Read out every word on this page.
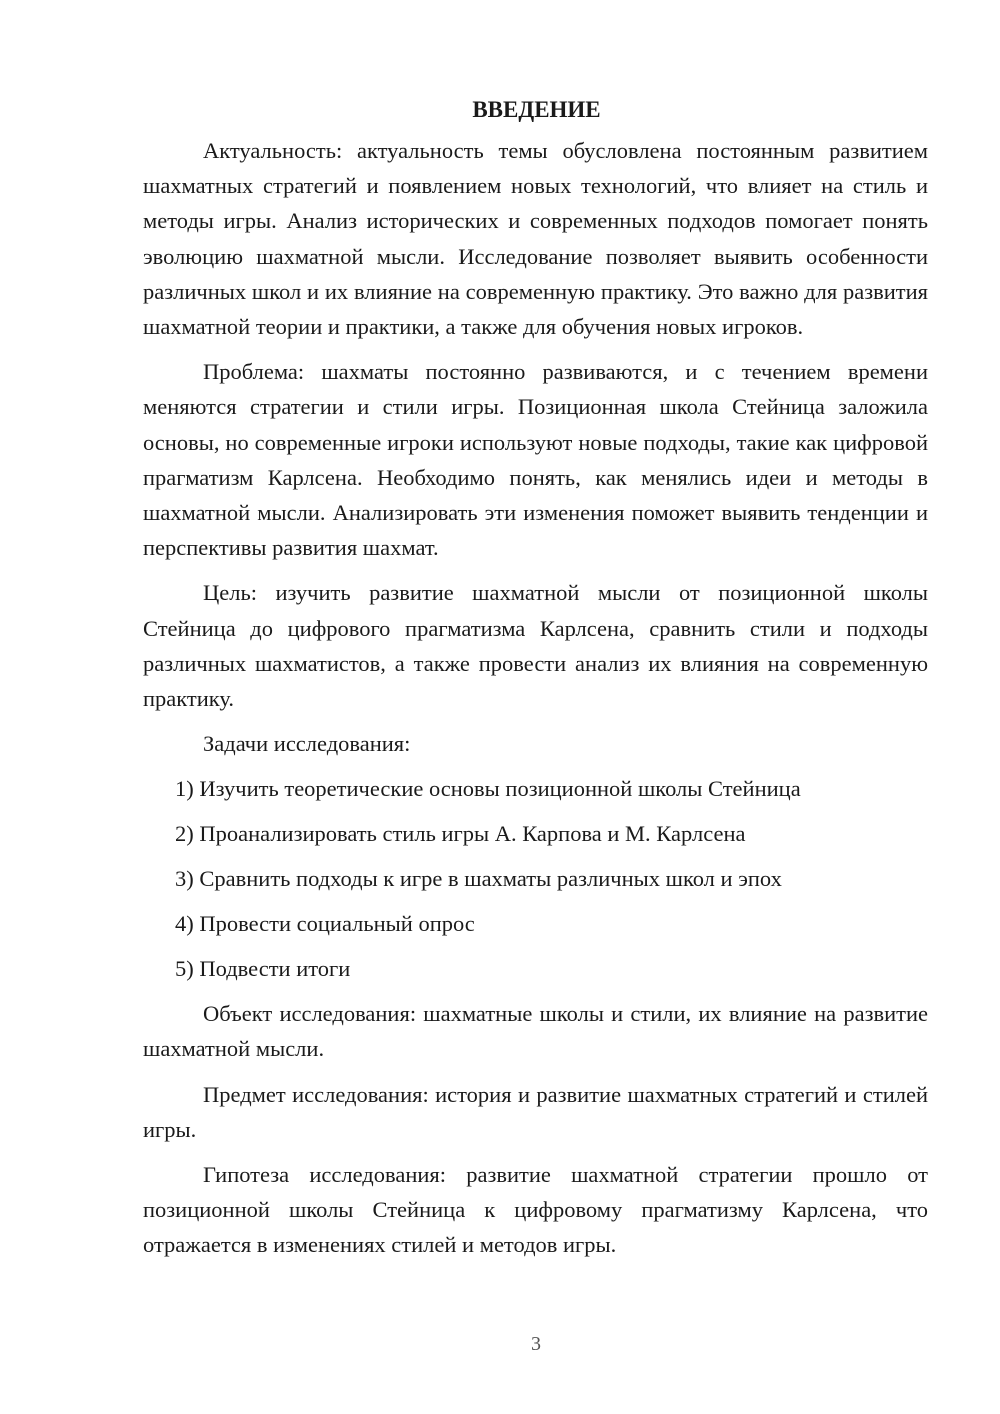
ВВЕДЕНИЕ

Актуальность: актуальность темы обусловлена постоянным развитием шахматных стратегий и появлением новых технологий, что влияет на стиль и методы игры. Анализ исторических и современных подходов помогает понять эволюцию шахматной мысли. Исследование позволяет выявить особенности различных школ и их влияние на современную практику. Это важно для развития шахматной теории и практики, а также для обучения новых игроков.

Проблема: шахматы постоянно развиваются, и с течением времени меняются стратегии и стили игры. Позиционная школа Стейница заложила основы, но современные игроки используют новые подходы, такие как цифровой прагматизм Карлсена. Необходимо понять, как менялись идеи и методы в шахматной мысли. Анализировать эти изменения поможет выявить тенденции и перспективы развития шахмат.

Цель: изучить развитие шахматной мысли от позиционной школы Стейница до цифрового прагматизма Карлсена, сравнить стили и подходы различных шахматистов, а также провести анализ их влияния на современную практику.

Задачи исследования:
1) Изучить теоретические основы позиционной школы Стейница
2) Проанализировать стиль игры А. Карпова и М. Карлсена
3) Сравнить подходы к игре в шахматы различных школ и эпох
4) Провести социальный опрос
5) Подвести итоги

Объект исследования: шахматные школы и стили, их влияние на развитие шахматной мысли.

Предмет исследования: история и развитие шахматных стратегий и стилей игры.

Гипотеза исследования: развитие шахматной стратегии прошло от позиционной школы Стейница к цифровому прагматизму Карлсена, что отражается в изменениях стилей и методов игры.

3
